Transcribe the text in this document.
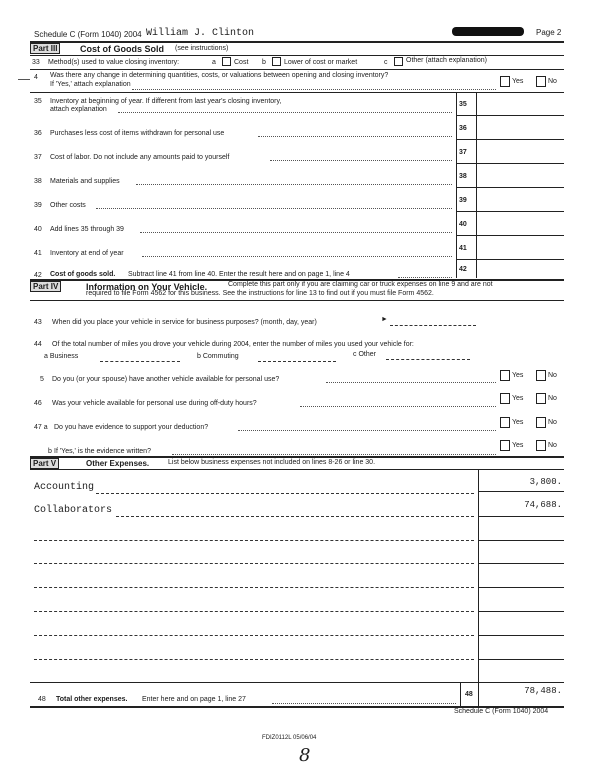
Schedule C (Form 1040) 2004 William J. Clinton	Page 2
Part III	Cost of Goods Sold (see instructions)
33 Method(s) used to value closing inventory:	a	Cost b	Lower of cost or market	c	Other (attach explanation)
4 Was there any change in determining quantities, costs, or valuations between opening and closing inventory?
If 'Yes,' attach explanation	Yes	No
35 Inventory at beginning of year. If different from last year's closing inventory,
attach explanation
35
36 Purchases less cost of items withdrawn for personal use
36
37 Cost of labor. Do not include any amounts paid to yourself
37
38 Materials and supplies
38
39 Other costs
39
40 Add lines 35 through 39
40
41 Inventory at end of year
41
42 Cost of goods sold. Subtract line 41 from line 40. Enter the result here and on page 1, line 4
42
Part IV	Information on Your Vehicle.	Complete this part only if you are claiming car or truck expenses on line 9 and are not
required to file Form 4562 for this business. See the instructions for line 13 to find out if you must file Form 4562.
43 When did you place your vehicle in service for business purposes? (month, day, year)	►
44 Of the total number of miles you drove your vehicle during 2004, enter the number of miles you used your vehicle for:
a Business	b Commuting	c Other
5 Do you (or your spouse) have another vehicle available for personal use?
Yes	No
46 Was your vehicle available for personal use during off-duty hours?
Yes	No
47 a Do you have evidence to support your deduction?
Yes	No
b If 'Yes,' is the evidence written?
Yes	No
Part V	Other Expenses.	List below business expenses not included on lines 8-26 or line 30.
Accounting	3,800.
Collaborators	74,688.
48 Total other expenses. Enter here and on page 1, line 27
48	78,488.
Schedule C (Form 1040) 2004
FDIZ0112L 05/06/04
8
